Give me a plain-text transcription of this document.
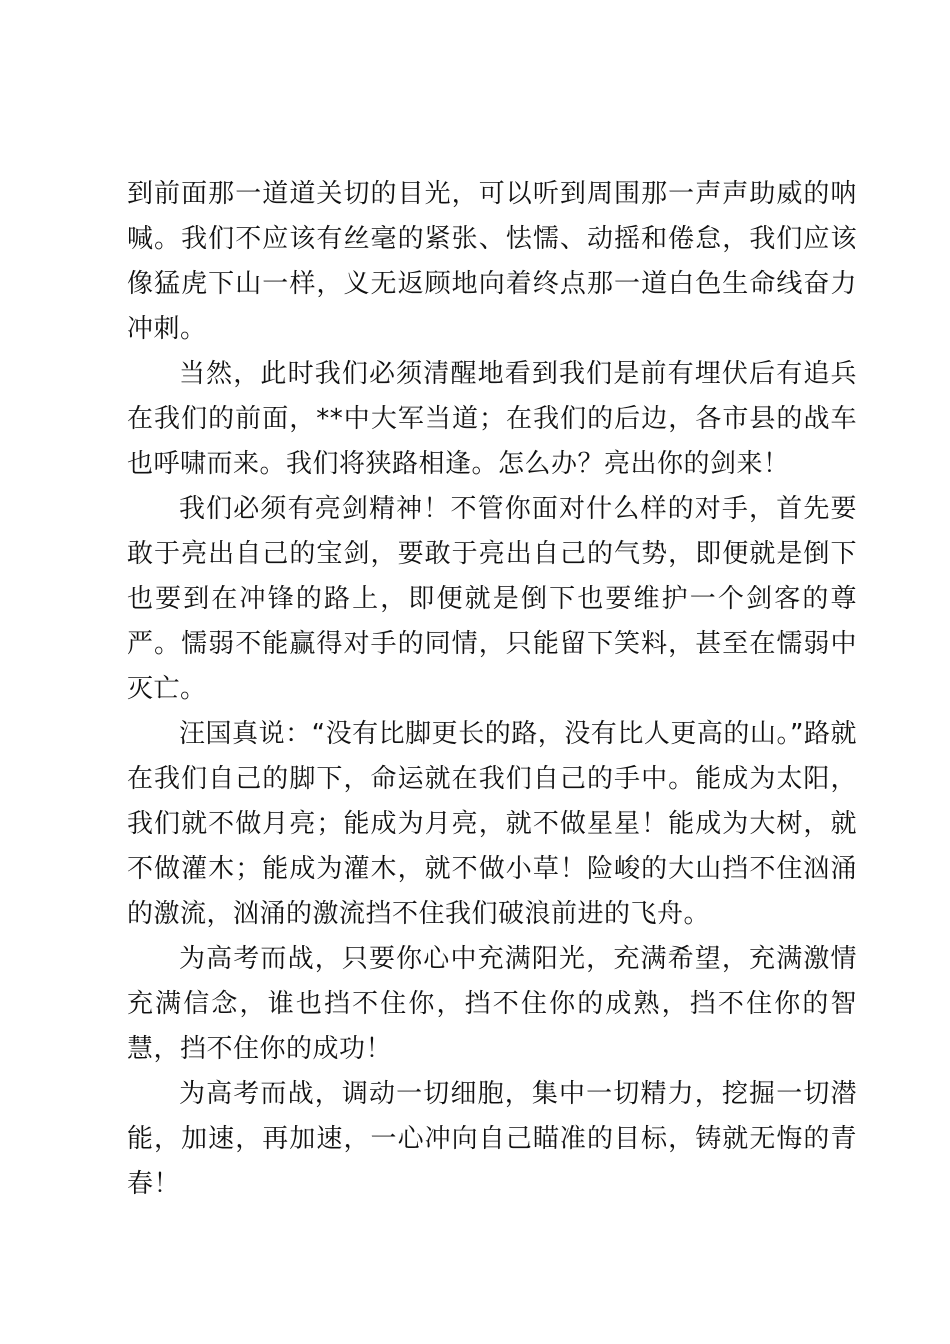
到前面那一道道关切的目光，可以听到周围那一声声助威的呐喊。我们不应该有丝毫的紧张、怯懦、动摇和倦怠，我们应该像猛虎下山一样，义无返顾地向着终点那一道白色生命线奋力冲刺。

当然，此时我们必须清醒地看到我们是前有埋伏后有追兵在我们的前面，**中大军当道；在我们的后边，各市县的战车也呼啸而来。我们将狭路相逢。怎么办？亮出你的剑来！

我们必须有亮剑精神！不管你面对什么样的对手，首先要敢于亮出自己的宝剑，要敢于亮出自己的气势，即便就是倒下也要到在冲锋的路上，即便就是倒下也要维护一个剑客的尊严。懦弱不能赢得对手的同情，只能留下笑料，甚至在懦弱中灭亡。

汪国真说：“没有比脚更长的路，没有比人更高的山。”路就在我们自己的脚下，命运就在我们自己的手中。能成为太阳，我们就不做月亮；能成为月亮，就不做星星！能成为大树，就不做灌木；能成为灌木，就不做小草！险峻的大山挡不住汹涌的激流，汹涌的激流挡不住我们破浪前进的飞舟。

为高考而战，只要你心中充满阳光，充满希望，充满激情充满信念，谁也挡不住你，挡不住你的成熟，挡不住你的智慧，挡不住你的成功！

为高考而战，调动一切细胞，集中一切精力，挖掘一切潜能，加速，再加速，一心冲向自己瞄准的目标，铸就无悔的青春！
